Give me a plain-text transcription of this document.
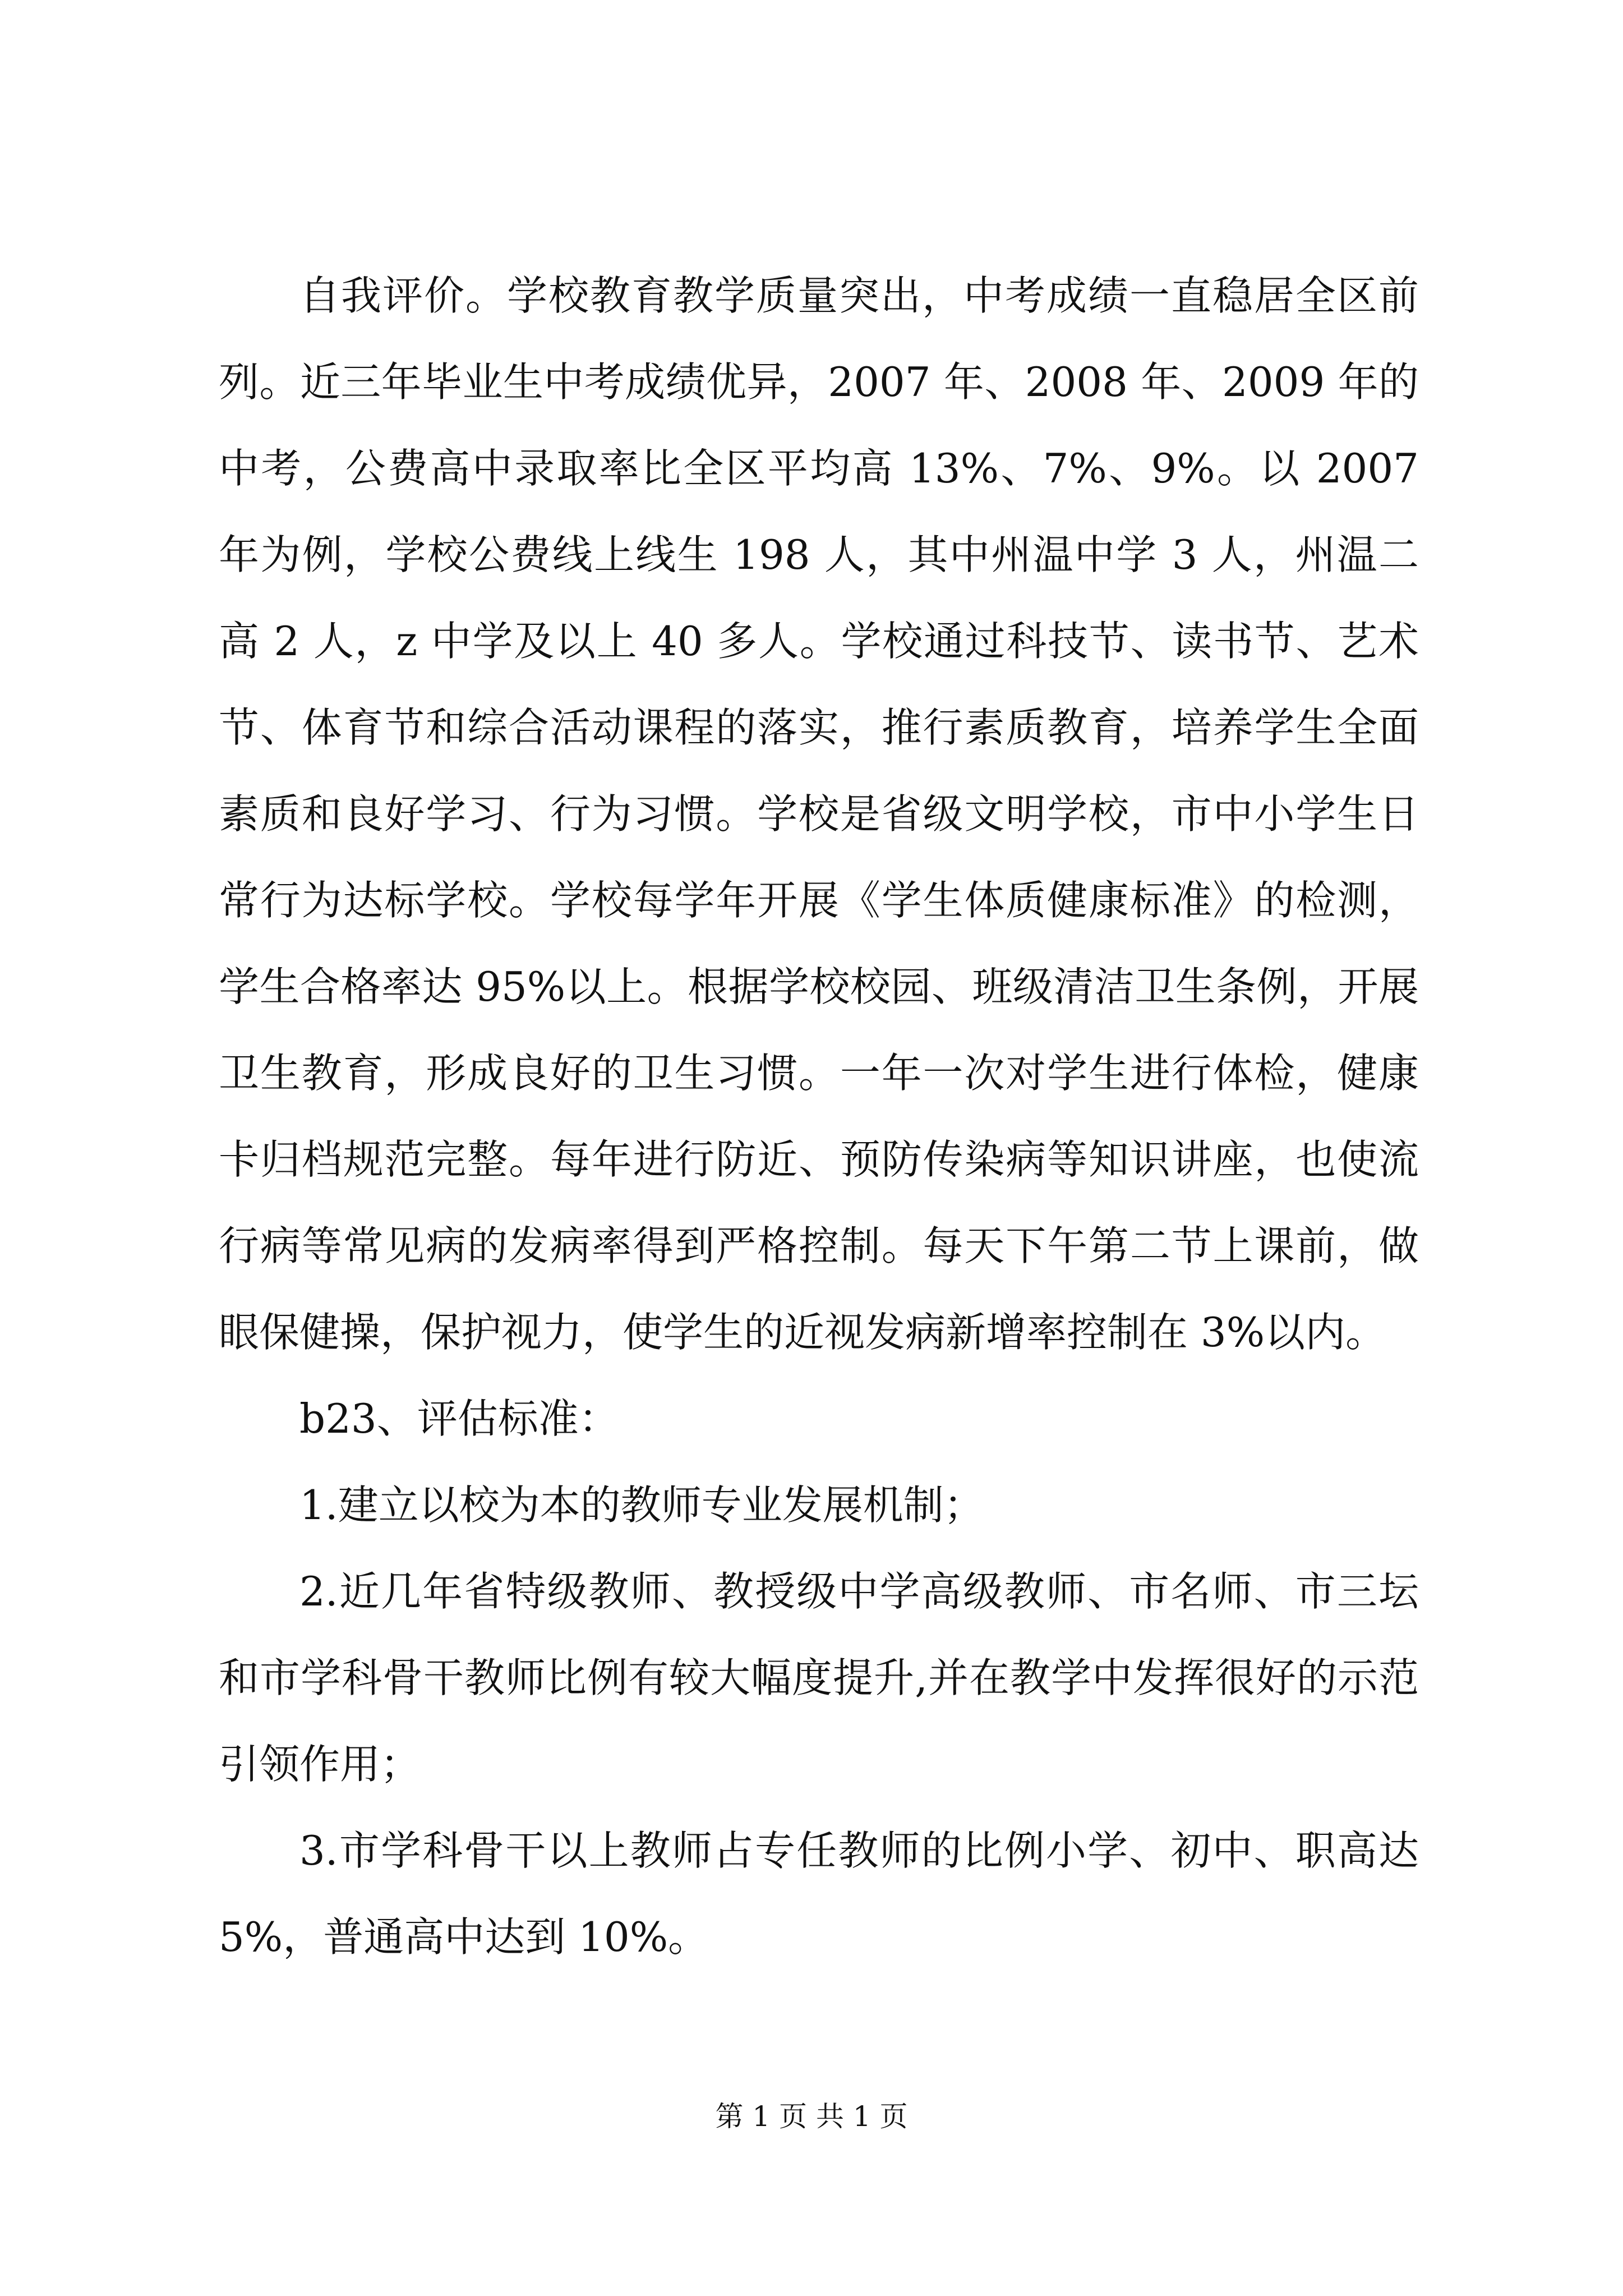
自我评价。学校教育教学质量突出，中考成绩一直稳居全区前列。近三年毕业生中考成绩优异，2007 年、2008 年、2009 年的中考，公费高中录取率比全区平均高 13%、7%、9%。以 2007 年为例，学校公费线上线生 198 人，其中州温中学 3 人，州温二高 2 人，z 中学及以上 40 多人。学校通过科技节、读书节、艺术节、体育节和综合活动课程的落实，推行素质教育，培养学生全面素质和良好学习、行为习惯。学校是省级文明学校，市中小学生日常行为达标学校。学校每学年开展《学生体质健康标准》的检测，学生合格率达 95%以上。根据学校校园、班级清洁卫生条例，开展卫生教育，形成良好的卫生习惯。一年一次对学生进行体检，健康卡归档规范完整。每年进行防近、预防传染病等知识讲座，也使流行病等常见病的发病率得到严格控制。每天下午第二节上课前，做眼保健操，保护视力，使学生的近视发病新增率控制在 3%以内。

b23、评估标准：

1.建立以校为本的教师专业发展机制；

2.近几年省特级教师、教授级中学高级教师、市名师、市三坛和市学科骨干教师比例有较大幅度提升,并在教学中发挥很好的示范引领作用；

3.市学科骨干以上教师占专任教师的比例小学、初中、职高达 5%，普通高中达到 10%。

第 1 页 共 1 页
